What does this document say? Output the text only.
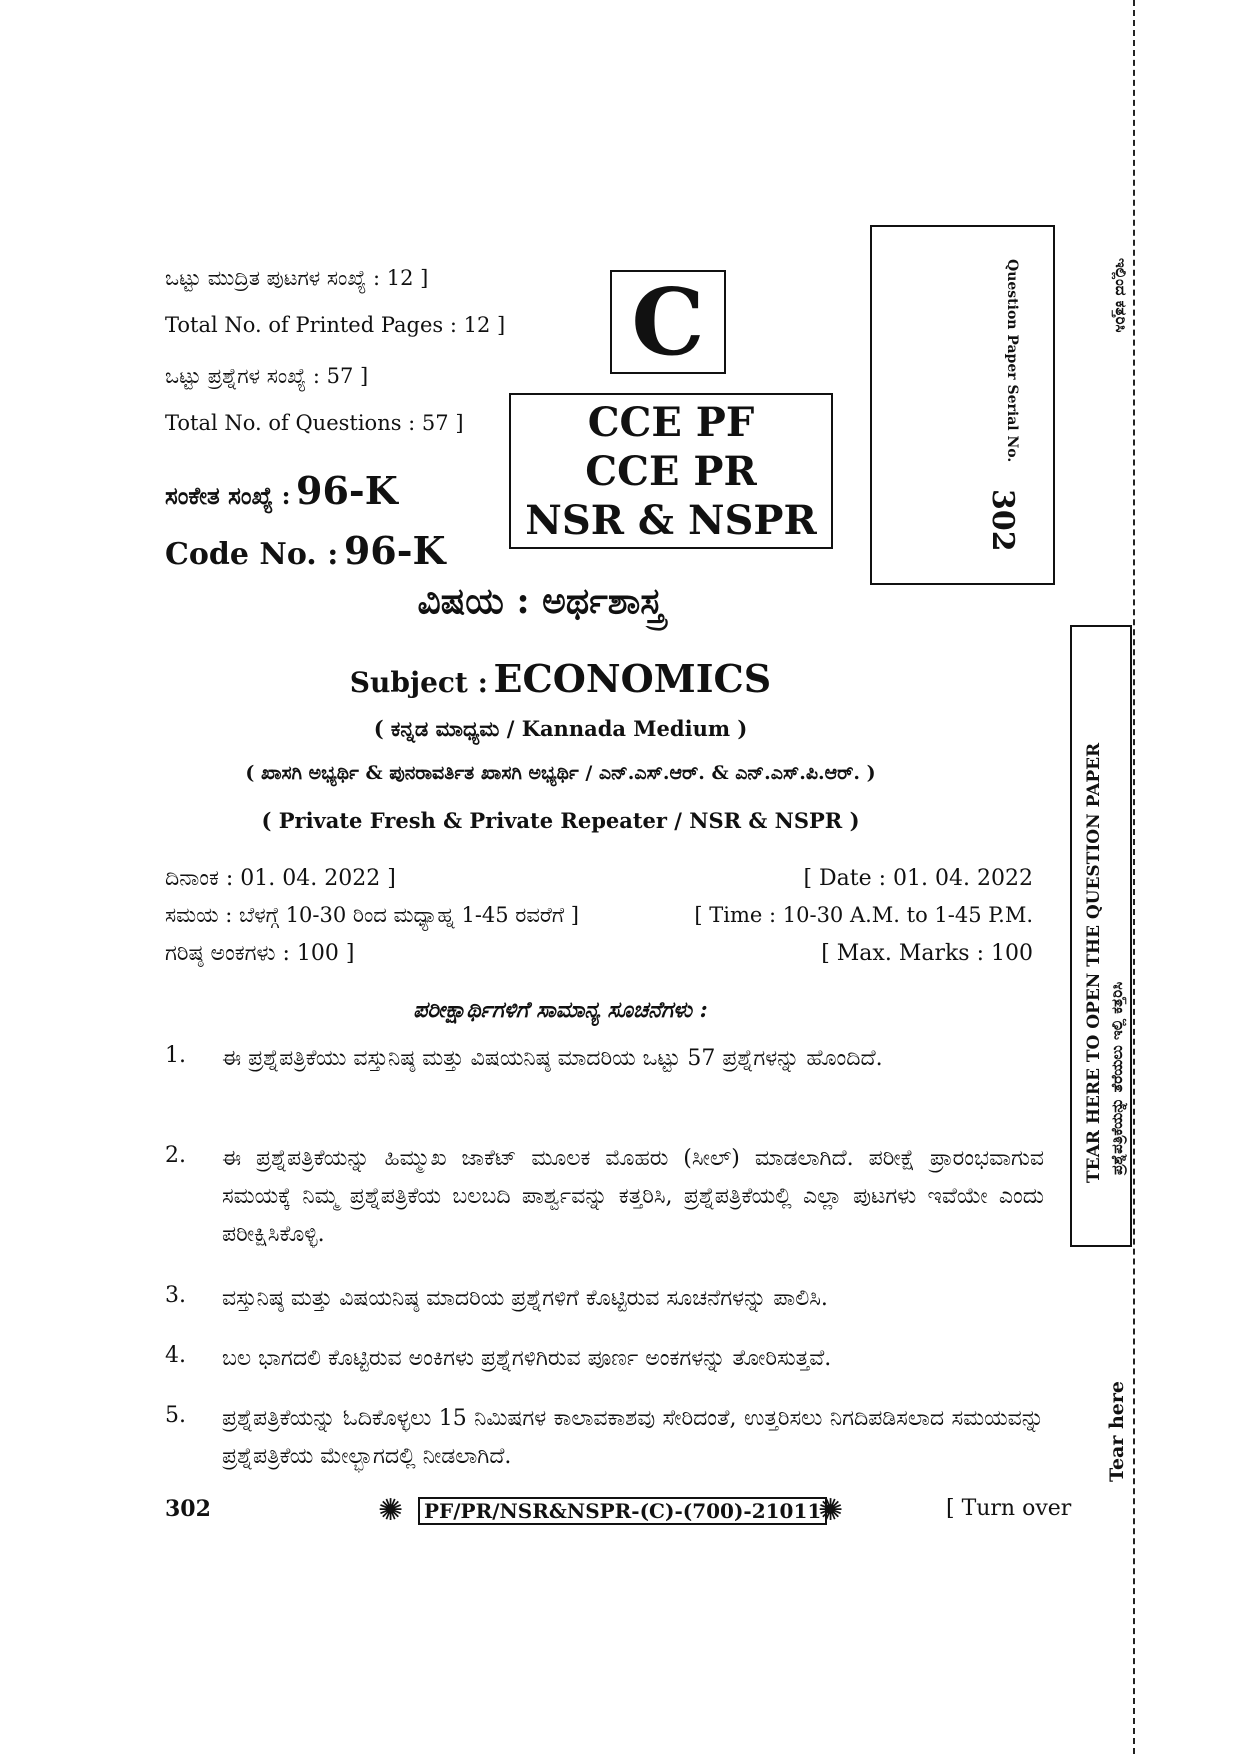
ಒಟ್ಟು ಮುದ್ರಿತ ಪುಟಗಳ ಸಂಖ್ಯೆ : 12 ]
Total No. of Printed Pages : 12 ]
ಒಟ್ಟು ಪ್ರಶ್ನೆಗಳ ಸಂಖ್ಯೆ : 57 ]
Total No. of Questions : 57 ]
ಸಂಕೇತ ಸಂಖ್ಯೆ : 96-K
Code No. : 96-K
C
CCE PF
CCE PR
NSR & NSPR
Question Paper Serial No.
302
ಇಲ್ಲಿಂದ ಕತ್ತರಿಸಿ
TEAR HERE TO OPEN THE QUESTION PAPER ಪ್ರಶ್ನೆಪತ್ರಿಕೆಯನ್ನು ತೆರೆಯಲು ಇಲ್ಲಿ ಕತ್ತರಿಸಿ
Tear here
ವಿಷಯ : ಅರ್ಥಶಾಸ್ತ್ರ
Subject : ECONOMICS
( ಕನ್ನಡ ಮಾಧ್ಯಮ / Kannada Medium )
( ಖಾಸಗಿ ಅಭ್ಯರ್ಥಿ & ಪುನರಾವರ್ತಿತ ಖಾಸಗಿ ಅಭ್ಯರ್ಥಿ / ಎನ್.ಎಸ್.ಆರ್. & ಎನ್.ಎಸ್.ಪಿ.ಆರ್. )
( Private Fresh & Private Repeater / NSR & NSPR )
ದಿನಾಂಕ : 01. 04. 2022 ]	[ Date : 01. 04. 2022
ಸಮಯ : ಬೆಳಗ್ಗೆ 10-30 ರಿಂದ ಮಧ್ಯಾಹ್ನ 1-45 ರವರೆಗೆ ]	[ Time : 10-30 A.M. to 1-45 P.M.
ಗರಿಷ್ಠ ಅಂಕಗಳು : 100 ]	[ Max. Marks : 100
ಪರೀಕ್ಷಾರ್ಥಿಗಳಿಗೆ ಸಾಮಾನ್ಯ ಸೂಚನೆಗಳು :
1. ಈ ಪ್ರಶ್ನೆಪತ್ರಿಕೆಯು ವಸ್ತುನಿಷ್ಠ ಮತ್ತು ವಿಷಯನಿಷ್ಠ ಮಾದರಿಯ ಒಟ್ಟು 57 ಪ್ರಶ್ನೆಗಳನ್ನು ಹೊಂದಿದೆ.
2. ಈ ಪ್ರಶ್ನೆಪತ್ರಿಕೆಯನ್ನು ಹಿಮ್ಮುಖ ಜಾಕೆಟ್ ಮೂಲಕ ಮೊಹರು (ಸೀಲ್) ಮಾಡಲಾಗಿದೆ. ಪರೀಕ್ಷೆ ಪ್ರಾರಂಭವಾಗುವ ಸಮಯಕ್ಕೆ ನಿಮ್ಮ ಪ್ರಶ್ನೆಪತ್ರಿಕೆಯ ಬಲಬದಿ ಪಾರ್ಶ್ವವನ್ನು ಕತ್ತರಿಸಿ, ಪ್ರಶ್ನೆಪತ್ರಿಕೆಯಲ್ಲಿ ಎಲ್ಲಾ ಪುಟಗಳು ಇವೆಯೇ ಎಂದು ಪರೀಕ್ಷಿಸಿಕೊಳ್ಳಿ.
3. ವಸ್ತುನಿಷ್ಠ ಮತ್ತು ವಿಷಯನಿಷ್ಠ ಮಾದರಿಯ ಪ್ರಶ್ನೆಗಳಿಗೆ ಕೊಟ್ಟಿರುವ ಸೂಚನೆಗಳನ್ನು ಪಾಲಿಸಿ.
4. ಬಲ ಭಾಗದಲಿ ಕೊಟ್ಟಿರುವ ಅಂಕಿಗಳು ಪ್ರಶ್ನೆಗಳಿಗಿರುವ ಪೂರ್ಣ ಅಂಕಗಳನ್ನು ತೋರಿಸುತ್ತವೆ.
5. ಪ್ರಶ್ನೆಪತ್ರಿಕೆಯನ್ನು ಓದಿಕೊಳ್ಳಲು 15 ನಿಮಿಷಗಳ ಕಾಲಾವಕಾಶವು ಸೇರಿದಂತೆ, ಉತ್ತರಿಸಲು ನಿಗದಿಪಡಿಸಲಾದ ಸಮಯವನ್ನು ಪ್ರಶ್ನೆಪತ್ರಿಕೆಯ ಮೇಲ್ಭಾಗದಲ್ಲಿ ನೀಡಲಾಗಿದೆ.
302	✺	PF/PR/NSR&NSPR-(C)-(700)-21011
✺	[ Turn over
